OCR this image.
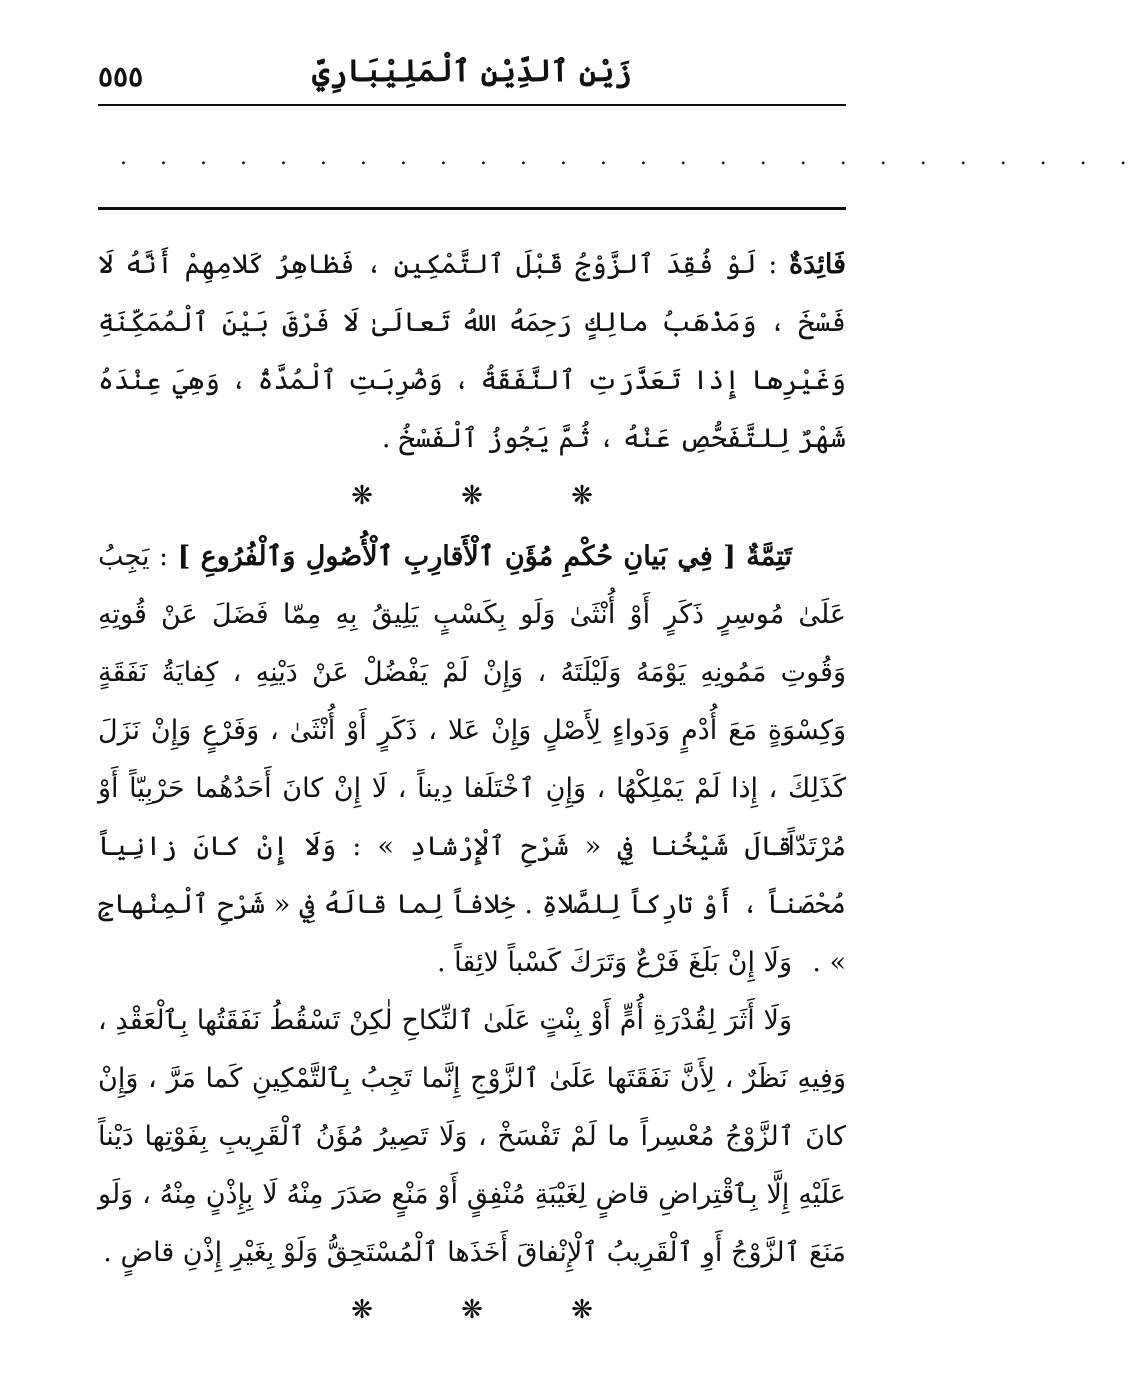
٥٥٥	زَيْن ٱلدِّيْنِ ٱلْمَلِيْبَارِيِّ
. . . . . . . . . . . . . . . . . . . . . . . . . .

فَائِدَةٌ : لَوْ فُقِدَ ٱلزَّوْجُ قَبْلَ ٱلتَّمْكِينِ ، فَظاهِرُ كَلامِهِمْ أَنَّهُ لَا فَسْخَ ، وَمَذْهَبُ مالِكٍ رَحِمَهُ اللهُ تَعالَىٰ لَا فَرْقَ بَيْنَ ٱلْمُمَكِّنَةِ وَغَيْرِها إِذا تَعَذَّرَتِ ٱلنَّفَقَةُ ، وَضُرِبَتِ ٱلْمُدَّةُ ، وَهِيَ عِنْدَهُ شَهْرٌ لِلتَّفَحُّصِ عَنْهُ ، ثُمَّ يَجُوزُ ٱلْفَسْخُ .

❋	❋	❋

تَتِمَّةٌ [ فِي بَيانِ حُكْمِ مُؤَنِ ٱلْأَقارِبِ ٱلْأُصُولِ وَٱلْفُرُوعِ ] : يَجِبُ عَلَىٰ مُوسِرٍ ذَكَرٍ أَوْ أُنْثَىٰ وَلَو بِكَسْبٍ يَلِيقُ بِهِ مِمّا فَضَلَ عَنْ قُوتِهِ وَقُوتِ مَمُونِهِ يَوْمَهُ وَلَيْلَتَهُ ، وَإِنْ لَمْ يَفْضُلْ عَنْ دَيْنِهِ ، كِفايَةُ نَفَقَةٍ وَكِسْوَةٍ مَعَ أُدْمٍ وَدَواءٍ لِأَصْلٍ وَإِنْ عَلا ، ذَكَرٍ أَوْ أُنْثَىٰ ، وَفَرْعٍ وَإِنْ نَزَلَ كَذَلِكَ ، إِذا لَمْ يَمْلِكْهُا ، وَإِنِ ٱخْتَلَفا دِيناً ، لَا إِنْ كانَ أَحَدُهُما حَرْبِيّاً أَوْ مُرْتَدّاً .

قالَ شَيْخُنا فِي « شَرْحِ ٱلْإِرْشادِ » : وَلَا إِنْ كانَ زانِياً مُحْصَناً ، أَوْ تارِكاً لِلصَّلاةِ . خِلافاً لِما قالَهُ فِي « شَرْحِ ٱلْمِنْهاجِ » .

وَلَا إِنْ بَلَغَ فَرْعٌ وَتَرَكَ كَسْباً لائِقاً .

وَلَا أَثَرَ لِقُدْرَةِ أُمٍّ أَوْ بِنْتٍ عَلَىٰ ٱلنِّكاحِ لٰكِنْ تَسْقُطُ نَفَقَتُها بِٱلْعَقْدِ ، وَفِيهِ نَظَرٌ ، لِأَنَّ نَفَقَتَها عَلَىٰ ٱلزَّوْجِ إِنَّما تَجِبُ بِٱلتَّمْكِينِ كَما مَرَّ ، وَإِنْ كانَ ٱلزَّوْجُ مُعْسِراً ما لَمْ تَفْسَخْ ، وَلَا تَصِيرُ مُؤَنُ ٱلْقَرِيبِ بِفَوْتِها دَيْناً عَلَيْهِ إِلَّا بِٱقْتِراضِ قاضٍ لِغَيْبَةِ مُنْفِقٍ أَوْ مَنْعٍ صَدَرَ مِنْهُ لَا بِإِذْنٍ مِنْهُ ، وَلَو مَنَعَ ٱلزَّوْجُ أَوِ ٱلْقَرِيبُ ٱلْإِنْفاقَ أَخَذَها ٱلْمُسْتَحِقُّ وَلَوْ بِغَيْرِ إِذْنِ قاضٍ .

❋	❋	❋
